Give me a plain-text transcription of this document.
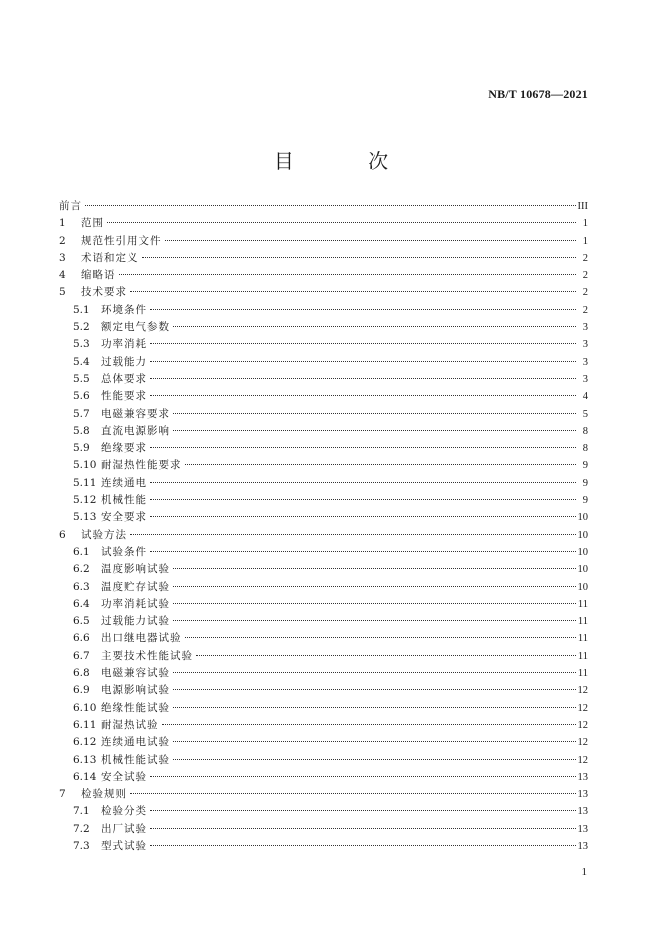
NB/T 10678—2021
目 次
前言	III
1	范围	1
2	规范性引用文件	1
3	术语和定义	2
4	缩略语	2
5	技术要求	2
5.1	环境条件	2
5.2	额定电气参数	3
5.3	功率消耗	3
5.4	过载能力	3
5.5	总体要求	3
5.6	性能要求	4
5.7	电磁兼容要求	5
5.8	直流电源影响	8
5.9	绝缘要求	8
5.10 耐湿热性能要求	9
5.11 连续通电	9
5.12 机械性能	9
5.13 安全要求	10
6	试验方法	10
6.1	试验条件	10
6.2	温度影响试验	10
6.3	温度贮存试验	10
6.4	功率消耗试验	11
6.5	过载能力试验	11
6.6	出口继电器试验	11
6.7	主要技术性能试验	11
6.8	电磁兼容试验	11
6.9	电源影响试验	12
6.10 绝缘性能试验	12
6.11 耐湿热试验	12
6.12 连续通电试验	12
6.13 机械性能试验	12
6.14 安全试验	13
7	检验规则	13
7.1	检验分类	13
7.2	出厂试验	13
7.3	型式试验	13
1
